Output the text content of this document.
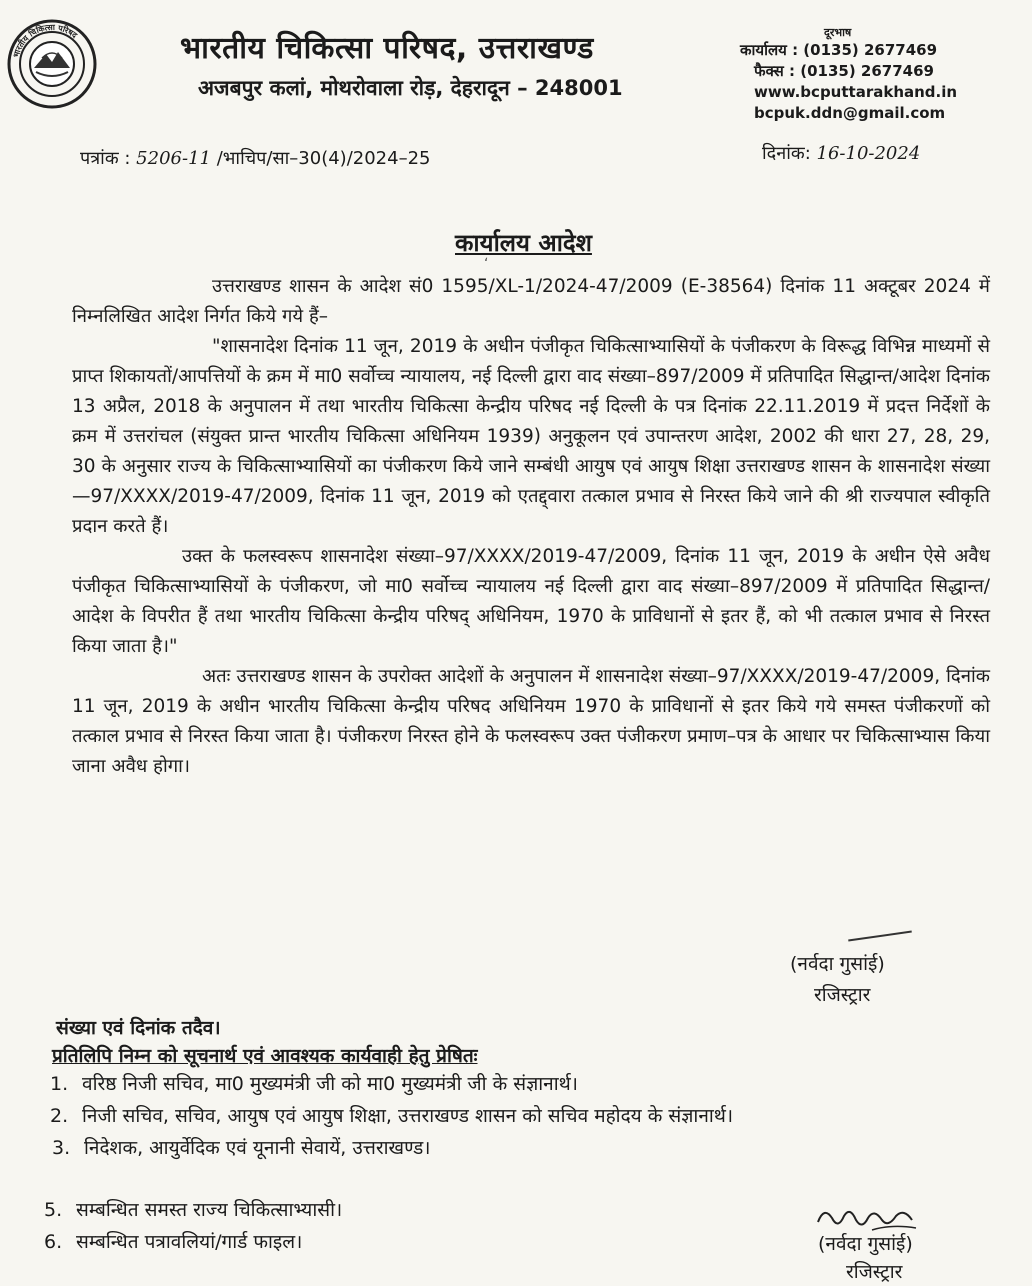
भारतीय चिकित्सा परिषद	भारतीय चिकित्सा परिषद, उत्तराखण्ड
अजबपुर कलां, मोथरोवाला रोड़, देहरादून – 248001
दूरभाष
कार्यालय : (0135) 2677469
फैक्स : (0135) 2677469
www.bcputtarakhand.in
bcpuk.ddn@gmail.com
पत्रांक : 5206-11 /भाचिप/सा–30(4)/2024–25	दिनांक: 16-10-2024
कार्यालय आदेश
ʻ

उत्तराखण्ड शासन के आदेश सं0 1595/XL-1/2024-47/2009 (E-38564) दिनांक 11 अक्टूबर 2024 में निम्नलिखित आदेश निर्गत किये गये हैं–

"शासनादेश दिनांक 11 जून, 2019 के अधीन पंजीकृत चिकित्साभ्यासियों के पंजीकरण के विरूद्ध विभिन्न माध्यमों से प्राप्त शिकायतों/आपत्तियों के क्रम में मा0 सर्वोच्च न्यायालय, नई दिल्ली द्वारा वाद संख्या–897/2009 में प्रतिपादित सिद्धान्त/आदेश दिनांक 13 अप्रैल, 2018 के अनुपालन में तथा भारतीय चिकित्सा केन्द्रीय परिषद नई दिल्ली के पत्र दिनांक 22.11.2019 में प्रदत्त निर्देशों के क्रम में उत्तरांचल (संयुक्त प्रान्त भारतीय चिकित्सा अधिनियम 1939) अनुकूलन एवं उपान्तरण आदेश, 2002 की धारा 27, 28, 29, 30 के अनुसार राज्य के चिकित्साभ्यासियों का पंजीकरण किये जाने सम्बंधी आयुष एवं आयुष शिक्षा उत्तराखण्ड शासन के शासनादेश संख्या—97/XXXX/2019-47/2009, दिनांक 11 जून, 2019 को एतद्द्वारा तत्काल प्रभाव से निरस्त किये जाने की श्री राज्यपाल स्वीकृति प्रदान करते हैं।

उक्त के फलस्वरूप शासनादेश संख्या–97/XXXX/2019-47/2009, दिनांक 11 जून, 2019 के अधीन ऐसे अवैध पंजीकृत चिकित्साभ्यासियों के पंजीकरण, जो मा0 सर्वोच्च न्यायालय नई दिल्ली द्वारा वाद संख्या–897/2009 में प्रतिपादित सिद्धान्त/आदेश के विपरीत हैं तथा भारतीय चिकित्सा केन्द्रीय परिषद् अधिनियम, 1970 के प्राविधानों से इतर हैं, को भी तत्काल प्रभाव से निरस्त किया जाता है।"

अतः उत्तराखण्ड शासन के उपरोक्त आदेशों के अनुपालन में शासनादेश संख्या–97/XXXX/2019-47/2009, दिनांक 11 जून, 2019 के अधीन भारतीय चिकित्सा केन्द्रीय परिषद अधिनियम 1970 के प्राविधानों से इतर किये गये समस्त पंजीकरणों को तत्काल प्रभाव से निरस्त किया जाता है। पंजीकरण निरस्त होने के फलस्वरूप उक्त पंजीकरण प्रमाण–पत्र के आधार पर चिकित्साभ्यास किया जाना अवैध होगा।

(नर्वदा गुसांई)
रजिस्ट्रार
संख्या एवं दिनांक तदैव।
प्रतिलिपि निम्न को सूचनार्थ एवं आवश्यक कार्यवाही हेतु प्रेषितः
1. वरिष्ठ निजी सचिव, मा0 मुख्यमंत्री जी को मा0 मुख्यमंत्री जी के संज्ञानार्थ।
2. निजी सचिव, सचिव, आयुष एवं आयुष शिक्षा, उत्तराखण्ड शासन को सचिव महोदय के संज्ञानार्थ।
3. निदेशक, आयुर्वेदिक एवं यूनानी सेवायें, उत्तराखण्ड।
5. सम्बन्धित समस्त राज्य चिकित्साभ्यासी।
6. सम्बन्धित पत्रावलियां/गार्ड फाइल।	(नर्वदा गुसांई)
रजिस्ट्रार
